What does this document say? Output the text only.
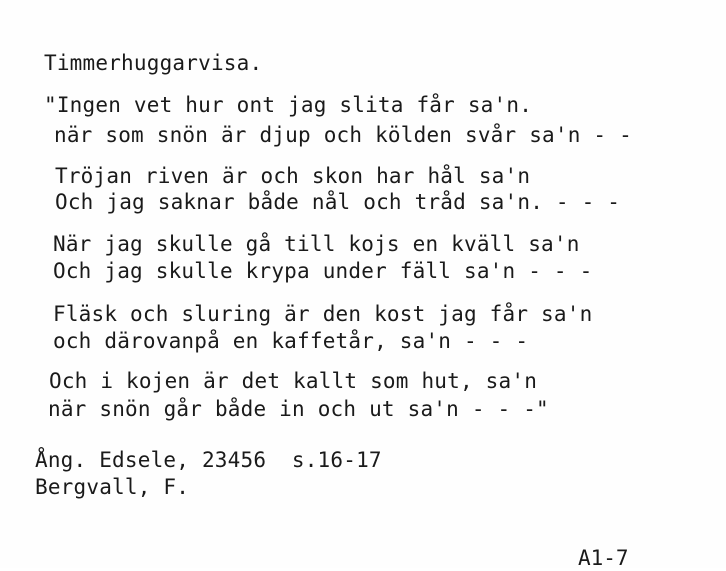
Timmerhuggarvisa.
"Ingen vet hur ont jag slita får sa'n.
när som snön är djup och kölden svår sa'n - -
Tröjan riven är och skon har hål sa'n
Och jag saknar både nål och tråd sa'n. - - -
När jag skulle gå till kojs en kväll sa'n
Och jag skulle krypa under fäll sa'n - - -
Fläsk och sluring är den kost jag får sa'n
och därovanpå en kaffetår, sa'n - - -
Och i kojen är det kallt som hut, sa'n
när snön går både in och ut sa'n - - -"
Ång. Edsele, 23456  s.16-17
Bergvall, F.
A1-7
